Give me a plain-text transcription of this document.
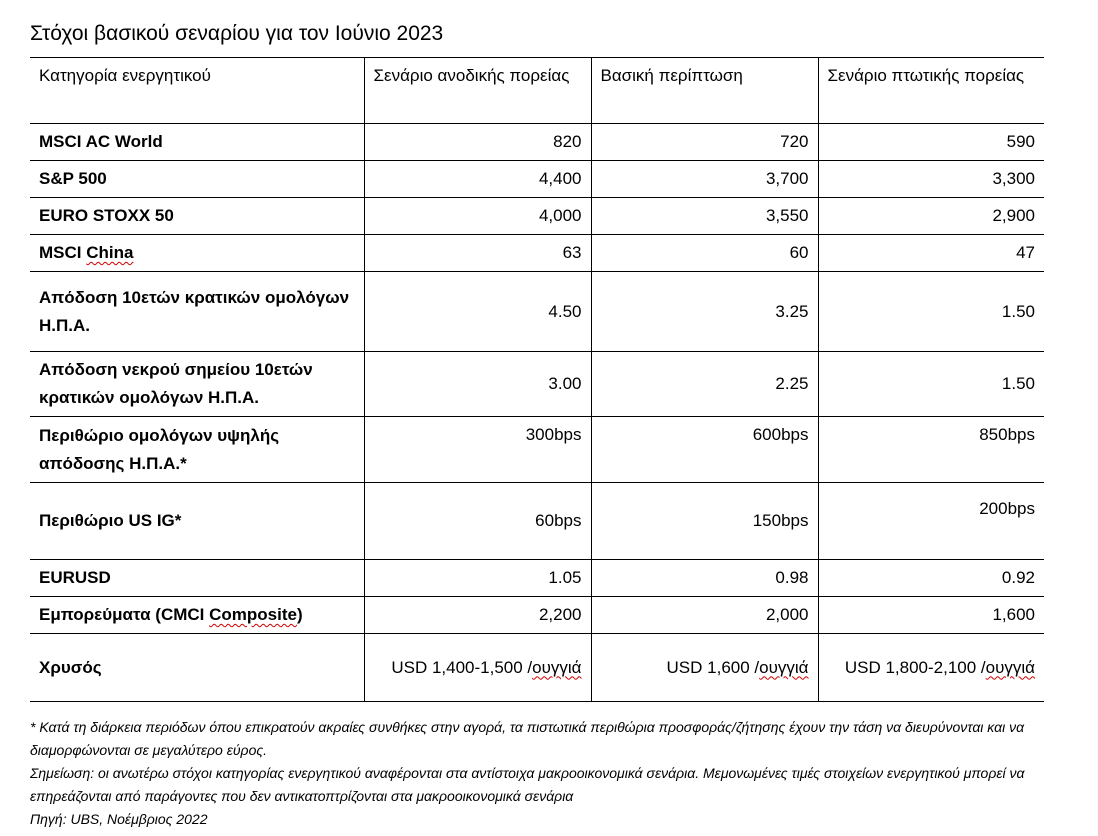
Στόχοι βασικού σεναρίου για τον Ιούνιο 2023
Κατηγορία ενεργητικού	Σενάριο ανοδικής πορείας	Βασική περίπτωση	Σενάριο πτωτικής πορείας
MSCI AC World	820	720	590
S&P 500	4,400	3,700	3,300
EURO STOXX 50	4,000	3,550	2,900
MSCI China	63	60	47
Απόδοση 10ετών κρατικών ομολόγων Η.Π.Α.	4.50	3.25	1.50
Απόδοση νεκρού σημείου 10ετών κρατικών ομολόγων Η.Π.Α.	3.00	2.25	1.50
Περιθώριο ομολόγων υψηλής απόδοσης Η.Π.Α.*	300bps	600bps	850bps
Περιθώριο US IG*	60bps	150bps	200bps
EURUSD	1.05	0.98	0.92
Εμπορεύματα (CMCI Composite)	2,200	2,000	1,600
Χρυσός	USD 1,400-1,500 /ουγγιά	USD 1,600 /ουγγιά	USD 1,800-2,100 /ουγγιά

* Κατά τη διάρκεια περιόδων όπου επικρατούν ακραίες συνθήκες στην αγορά, τα πιστωτικά περιθώρια προσφοράς/ζήτησης έχουν την τάση να διευρύνονται και να διαμορφώνονται σε μεγαλύτερο εύρος.

Σημείωση: οι ανωτέρω στόχοι κατηγορίας ενεργητικού αναφέρονται στα αντίστοιχα μακροοικονομικά σενάρια. Μεμονωμένες τιμές στοιχείων ενεργητικού μπορεί να επηρεάζονται από παράγοντες που δεν αντικατοπτρίζονται στα μακροοικονομικά σενάρια

Πηγή: UBS, Νοέμβριος 2022
